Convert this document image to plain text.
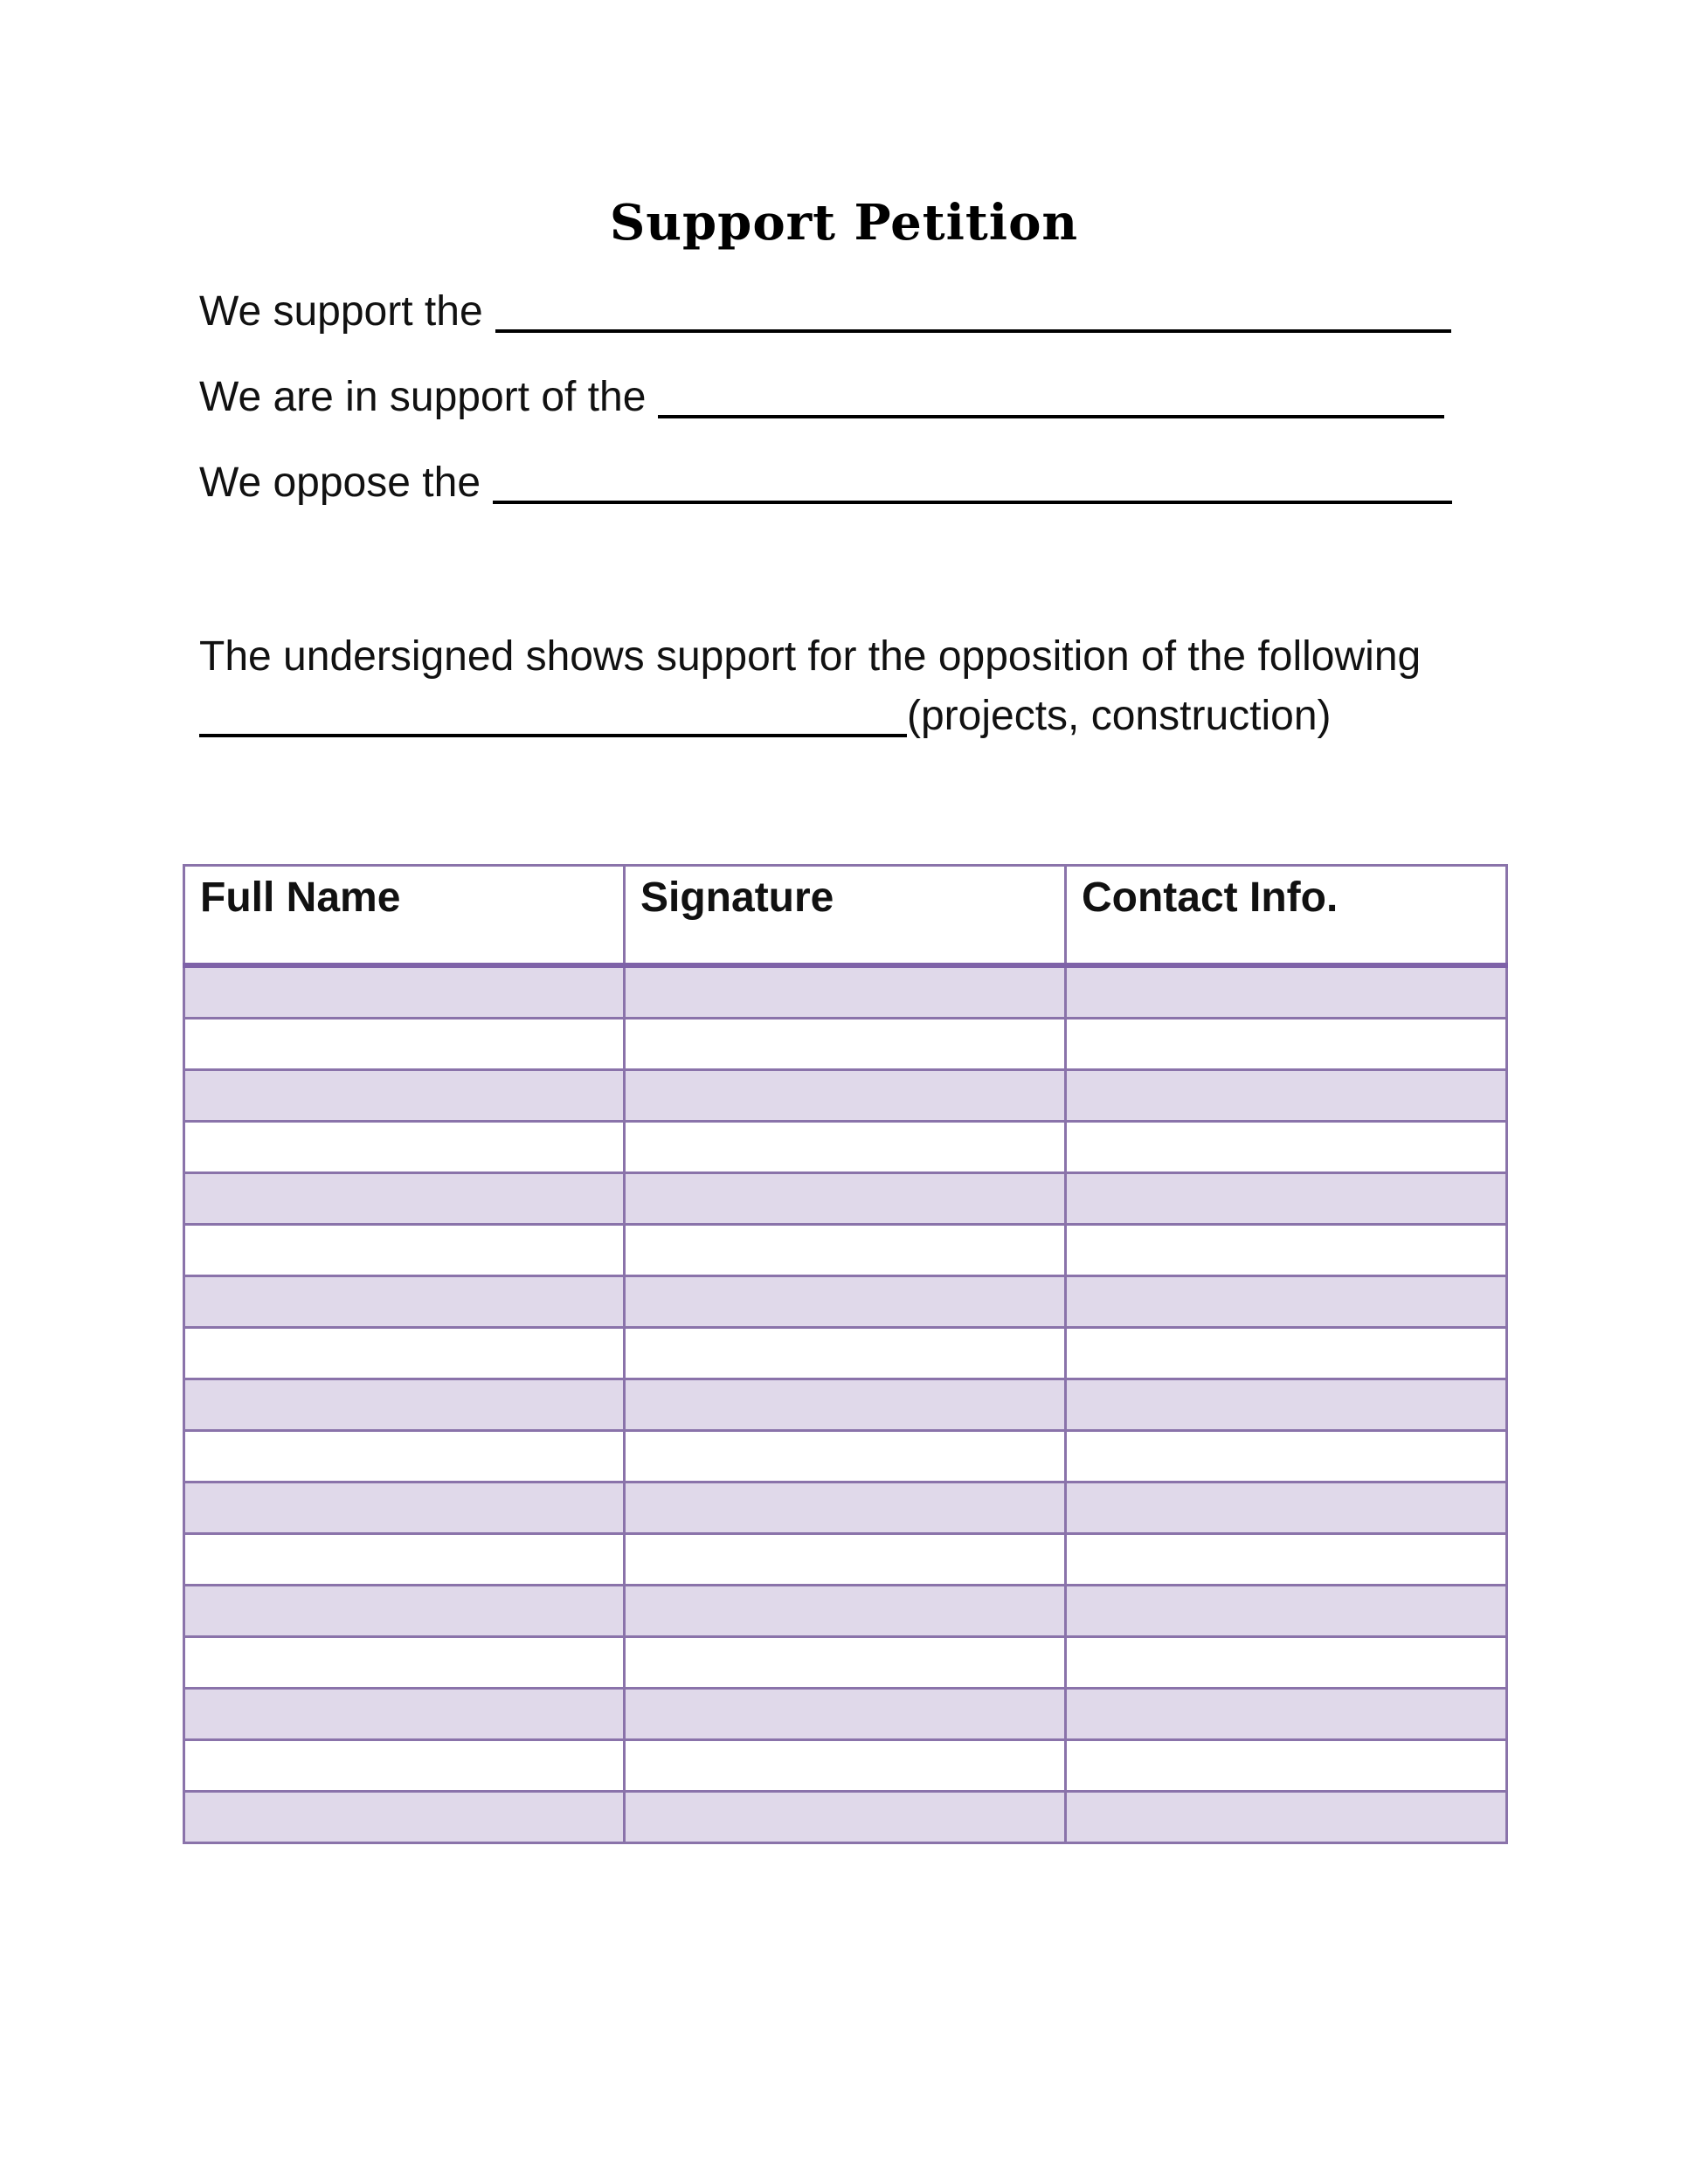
Support Petition
We support the
We are in support of the
We oppose the
The undersigned shows support for the opposition of the following
(projects, construction)
Full Name	Signature	Contact Info.
